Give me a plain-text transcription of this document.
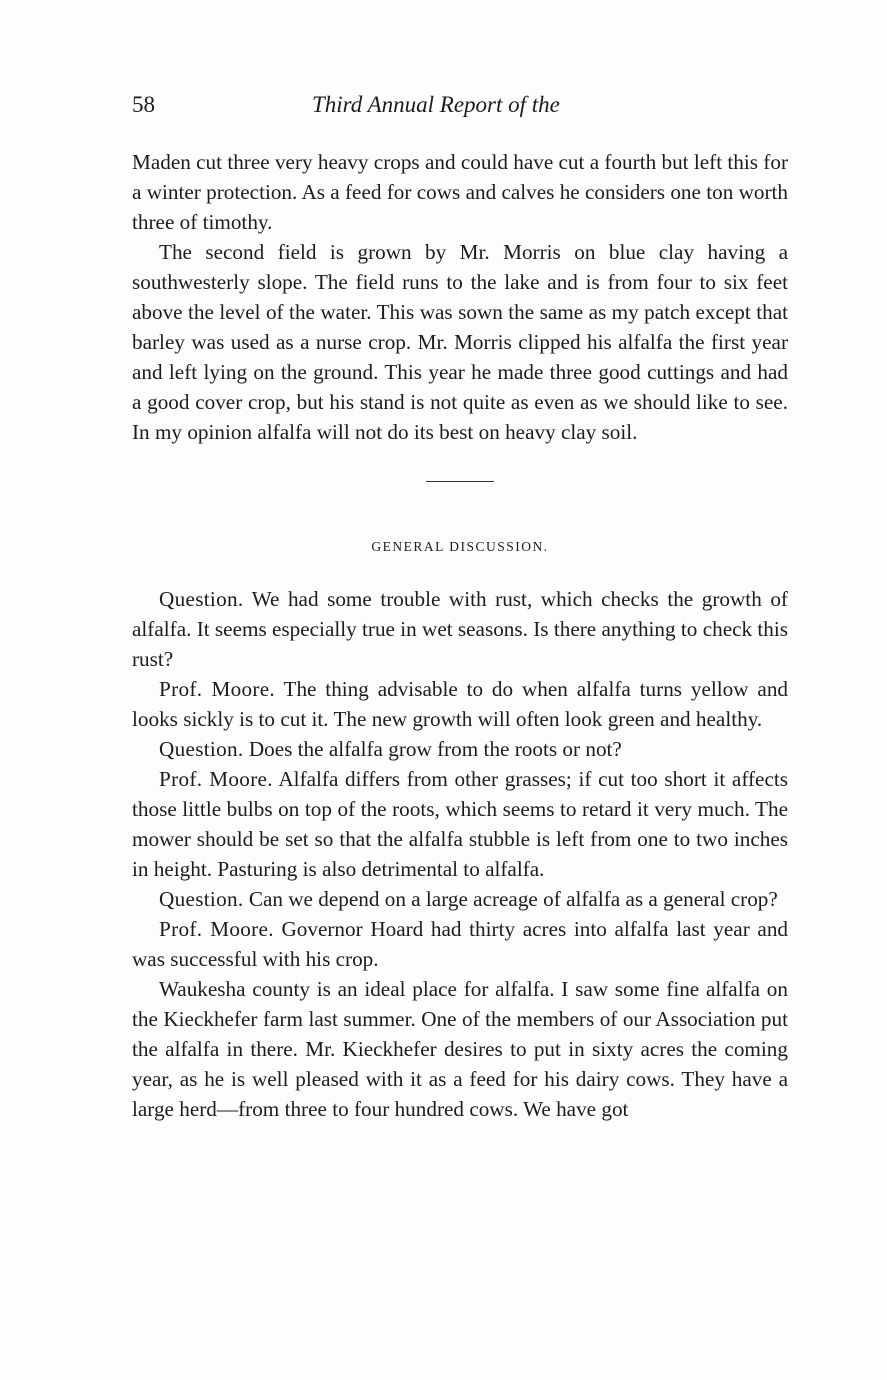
58	Third Annual Report of the

Maden cut three very heavy crops and could have cut a fourth but left this for a winter protection. As a feed for cows and calves he considers one ton worth three of timothy.

The second field is grown by Mr. Morris on blue clay having a southwesterly slope. The field runs to the lake and is from four to six feet above the level of the water. This was sown the same as my patch except that barley was used as a nurse crop. Mr. Morris clipped his alfalfa the first year and left lying on the ground. This year he made three good cuttings and had a good cover crop, but his stand is not quite as even as we should like to see. In my opinion alfalfa will not do its best on heavy clay soil.

GENERAL DISCUSSION.

Question. We had some trouble with rust, which checks the growth of alfalfa. It seems especially true in wet seasons. Is there anything to check this rust?

Prof. Moore. The thing advisable to do when alfalfa turns yellow and looks sickly is to cut it. The new growth will often look green and healthy.

Question. Does the alfalfa grow from the roots or not?

Prof. Moore. Alfalfa differs from other grasses; if cut too short it affects those little bulbs on top of the roots, which seems to retard it very much. The mower should be set so that the alfalfa stubble is left from one to two inches in height. Pasturing is also detrimental to alfalfa.

Question. Can we depend on a large acreage of alfalfa as a general crop?

Prof. Moore. Governor Hoard had thirty acres into alfalfa last year and was successful with his crop.

Waukesha county is an ideal place for alfalfa. I saw some fine alfalfa on the Kieckhefer farm last summer. One of the members of our Association put the alfalfa in there. Mr. Kieckhefer desires to put in sixty acres the coming year, as he is well pleased with it as a feed for his dairy cows. They have a large herd—from three to four hundred cows. We have got
